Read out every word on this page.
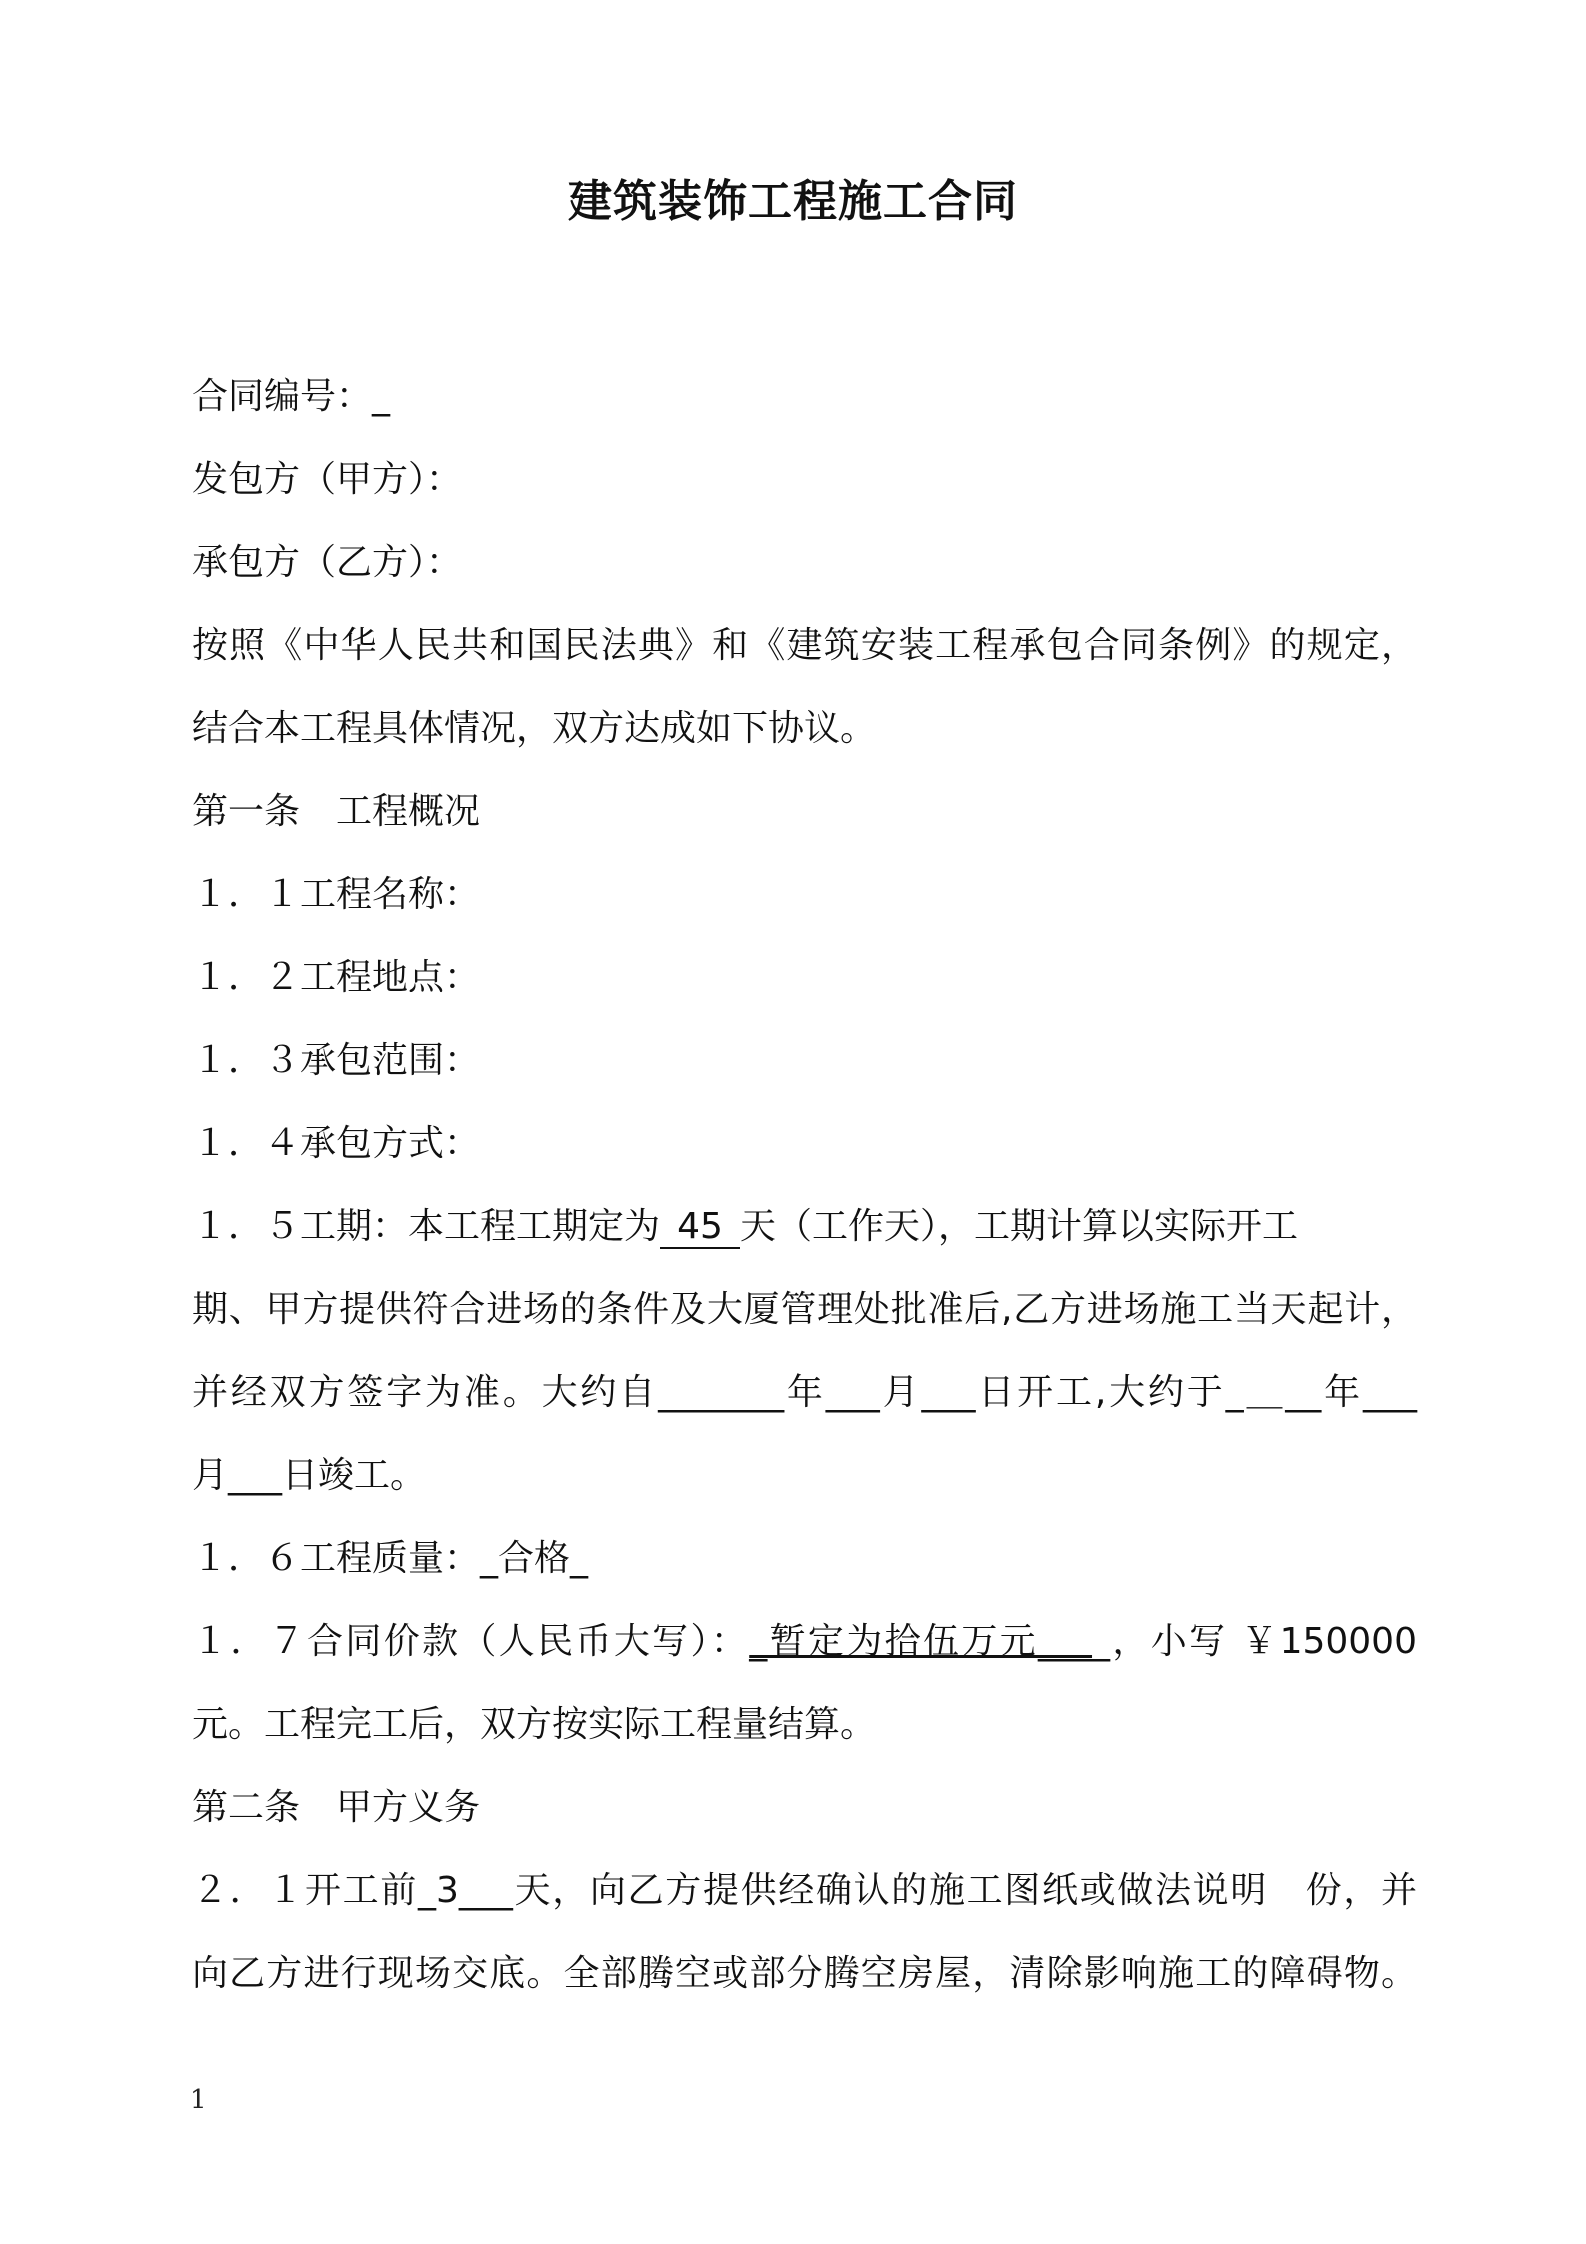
建筑装饰工程施工合同
合同编号：_
发包方（甲方）：
承包方（乙方）：
按照《中华人民共和国民法典》和《建筑安装工程承包合同条例》的规定，
结合本工程具体情况，双方达成如下协议。
第一条　工程概况
１．１工程名称：
１．２工程地点：
１．３承包范围：
１．４承包方式：
１．５工期：本工程工期定为 45 天（工作天），工期计算以实际开工
期、甲方提供符合进场的条件及大厦管理处批准后,乙方进场施工当天起计，
并经双方签字为准。大约自_______年___月___日开工,大约于_＿__年___
月___日竣工。
１．６工程质量：_合格_
１．７合同价款（人民币大写）：_暂定为拾伍万元____，小写 ￥150000
元。工程完工后，双方按实际工程量结算。
第二条　甲方义务
２．１开工前_3___天，向乙方提供经确认的施工图纸或做法说明　份，并
向乙方进行现场交底。全部腾空或部分腾空房屋，清除影响施工的障碍物。
1
